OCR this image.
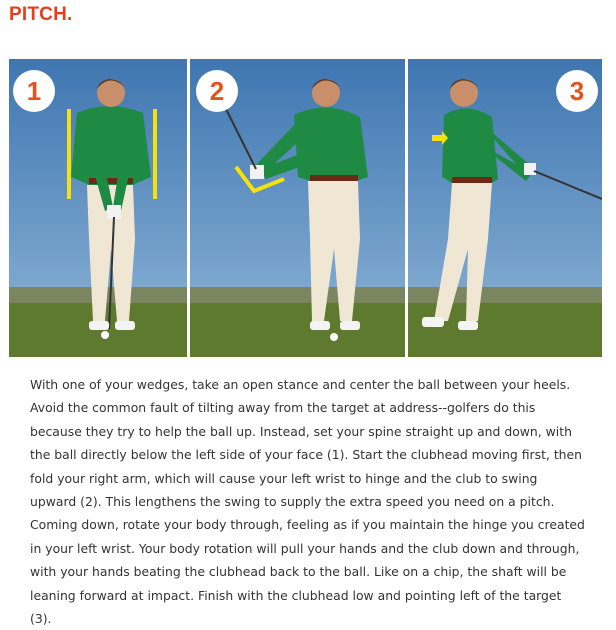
PITCH.
1	2	3
With one of your wedges, take an open stance and center the ball between your heels. Avoid the common fault of tilting away from the target at address--golfers do this because they try to help the ball up. Instead, set your spine straight up and down, with the ball directly below the left side of your face (1). Start the clubhead moving first, then fold your right arm, which will cause your left wrist to hinge and the club to swing upward (2). This lengthens the swing to supply the extra speed you need on a pitch. Coming down, rotate your body through, feeling as if you maintain the hinge you created in your left wrist. Your body rotation will pull your hands and the club down and through, with your hands beating the clubhead back to the ball. Like on a chip, the shaft will be leaning forward at impact. Finish with the clubhead low and pointing left of the target (3).
